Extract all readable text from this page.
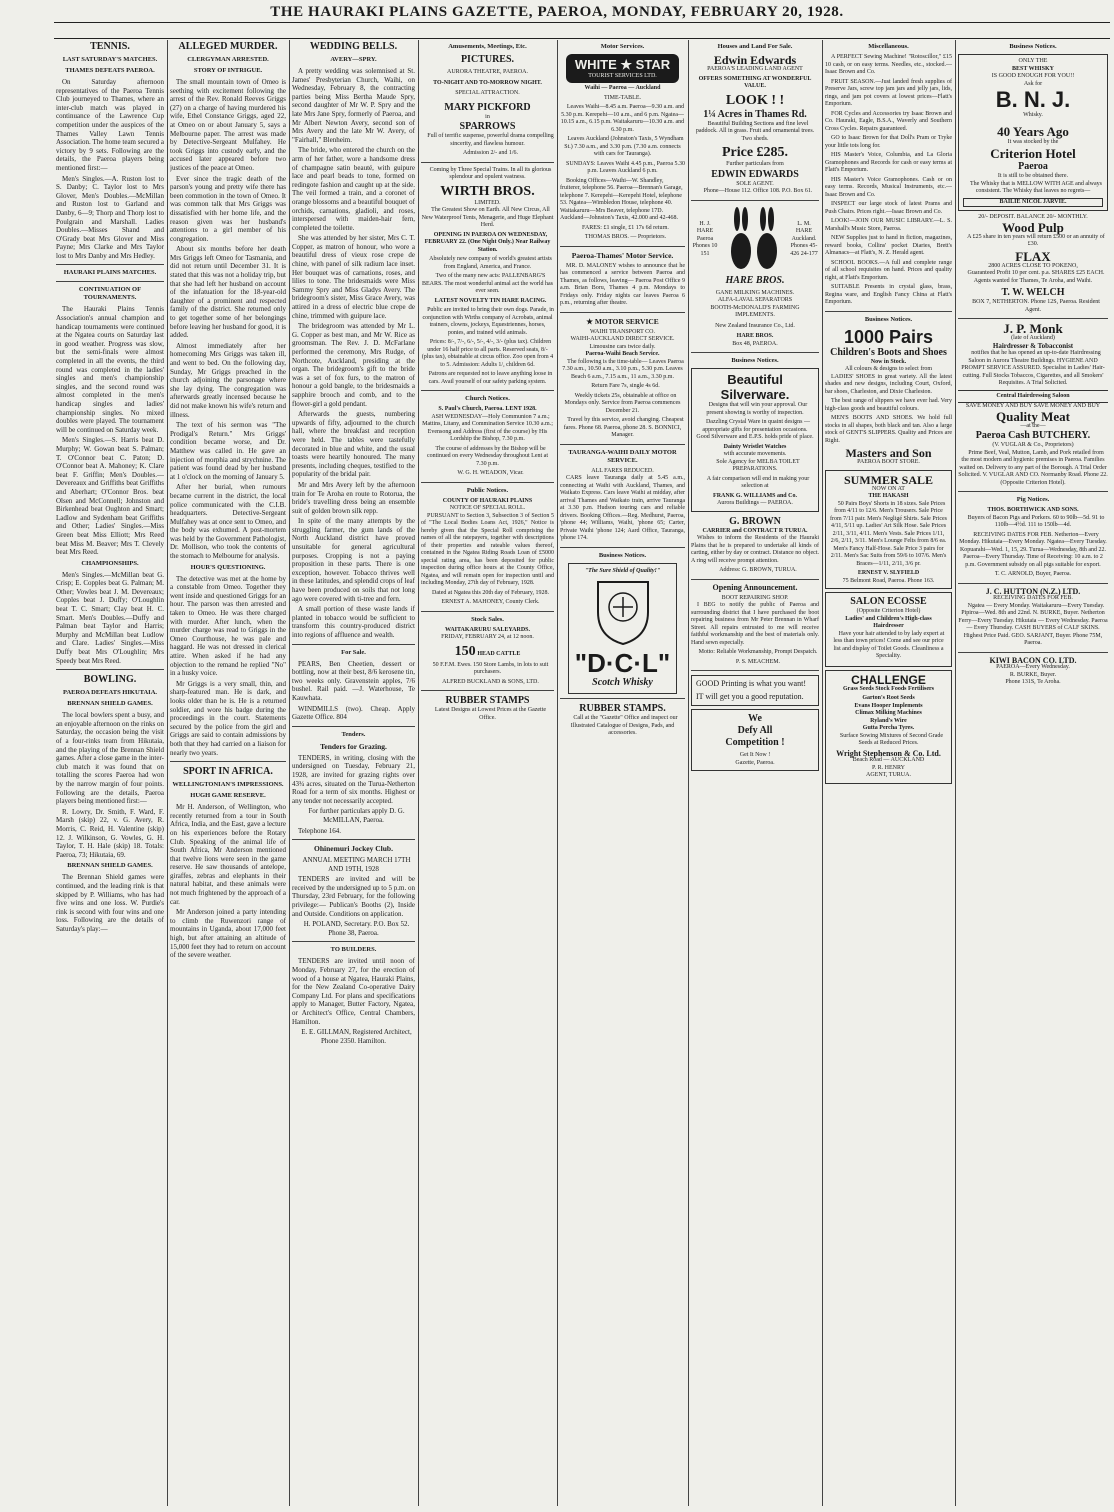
THE HAURAKI PLAINS GAZETTE, PAEROA, MONDAY, FEBRUARY 20, 1928.
TENNIS.
LAST SATURDAY'S MATCHES.
THAMES DEFEATS PAEROA.

On Saturday afternoon representatives of the Paeroa Tennis Club journeyed to Thames, where an inter-club match was played in continuance of the Lawrence Cup competition under the auspices of the Thames Valley Lawn Tennis Association. The home team secured a victory by 9 sets. Following are the details, the Paeroa players being mentioned first:—

Men's Singles.—A. Ruston lost to S. Danby; C. Taylor lost to Mrs Glover, Men's Doubles.—McMillan and Ruston lost to Garland and Danby, 6—9; Thorp and Thorp lost to Poulgrain and Marshall. Ladies Doubles.—Misses Shand and O'Grady beat Mrs Glover and Miss Payne; Mrs Clarke and Mrs Taylor lost to Mrs Danby and Mrs Hedley.

HAURAKI PLAINS MATCHES.
CONTINUATION OF TOURNAMENTS.

The Hauraki Plains Tennis Association's annual champion and handicap tournaments were continued at the Ngatea courts on Saturday last in good weather. Progress was slow, but the semi-finals were almost completed in all the events, the third round was completed in the ladies' singles and men's championship singles, and the second round was almost completed in the men's handicap singles and ladies' championship singles. No mixed doubles were played. The tournament will be continued on Saturday week.

Men's Singles.—S. Harris beat D. Murphy; W. Gowan beat S. Palman; T. O'Connor beat C. Paton; D. O'Connor beat A. Mahoney; K. Clare beat F. Griffin; Men's Doubles.—Devereaux and Griffiths beat Griffiths and Aberhart; O'Connor Bros. beat Olsen and McConnell; Johnston and Birkenhead beat Oughton and Smart; Ladlow and Sydenham beat Griffiths and Other; Ladies' Singles.—Miss Green beat Miss Elliott; Mrs Reed beat Miss M. Beaver; Mrs T. Clevely beat Mrs Reed.

CHAMPIONSHIPS.

Men's Singles.—McMillan beat G. Crisp; E. Copples beat G. Palman; M. Other; Vowles beat J. M. Devereaux; Copples beat J. Duffy; O'Loughlin beat T. C. Smart; Clay beat H. C. Smart. Men's Doubles.—Duffy and Palman beat Taylor and Harris; Murphy and McMillan beat Ludlow and Clare. Ladies' Singles.—Miss Duffy beat Mrs O'Loughlin; Mrs Speedy beat Mrs Reed.

BOWLING.
PAEROA DEFEATS HIKUTAIA.
BRENNAN SHIELD GAMES.

The local bowlers spent a busy, and an enjoyable afternoon on the rinks on Saturday, the occasion being the visit of a four-rinks team from Hikutaia, and the playing of the Brennan Shield games. After a close game in the inter-club match it was found that on totalling the scores Paeroa had won by the narrow margin of four points. Following are the details, Paeroa players being mentioned first:—

R. Lowry, Dr. Smith, F. Ward, F. Marsh (skip) 22, v. G. Avery, R. Morris, C. Reid, H. Valentine (skip) 12. J. Wilkinson, G. Vowles, G. H. Taylor, T. H. Hale (skip) 18. Totals: Paeroa, 73; Hikutaia, 69.

BRENNAN SHIELD GAMES.

The Brennan Shield games were continued, and the leading rink is that skipped by P. Williams, who has had five wins and one loss. W. Purdie's rink is second with four wins and one loss. Following are the details of Saturday's play:—

ALLEGED MURDER.
CLERGYMAN ARRESTED.
STORY OF INTRIGUE.

The small mountain town of Omeo is seething with excitement following the arrest of the Rev. Ronald Reeves Griggs (27) on a charge of having murdered his wife, Ethel Constance Griggs, aged 22, at Omeo on or about January 5, says a Melbourne paper. The arrest was made by Detective-Sergeant Mulfahey. He took Griggs into custody early, and the accused later appeared before two justices of the peace at Omeo.

Ever since the tragic death of the parson's young and pretty wife there has been commotion in the town of Omeo. It was common talk that Mrs Griggs was dissatisfied with her home life, and the reason given was her husband's attentions to a girl member of his congregation.

About six months before her death Mrs Griggs left Omeo for Tasmania, and did not return until December 31. It is stated that this was not a holiday trip, but that she had left her husband on account of the infatuation for the 18-year-old daughter of a prominent and respected family of the district. She returned only to get together some of her belongings before leaving her husband for good, it is added.

Almost immediately after her homecoming Mrs Griggs was taken ill, and went to bed. On the following day, Sunday, Mr Griggs preached in the church adjoining the parsonage where she lay dying. The congregation was afterwards greatly incensed because he did not make known his wife's return and illness.

The text of his sermon was "The Prodigal's Return." Mrs Griggs' condition became worse, and Dr. Matthew was called in. He gave an injection of morphia and strychnine. The patient was found dead by her husband at 1 o'clock on the morning of January 5.

After her burial, when rumours became current in the district, the local police communicated with the C.I.B. headquarters. Detective-Sergeant Mulfahey was at once sent to Omeo, and the body was exhumed. A post-mortem was held by the Government Pathologist, Dr. Mollison, who took the contents of the stomach to Melbourne for analysis.

HOUR'S QUESTIONING.

The detective was met at the home by a constable from Omeo. Together they went inside and questioned Griggs for an hour. The parson was then arrested and taken to Omeo. He was there charged with murder. After lunch, when the murder charge was read to Griggs in the Omeo Courthouse, he was pale and haggard. He was not dressed in clerical attire. When asked if he had any objection to the remand he replied "No" in a husky voice.

Mr Griggs is a very small, thin, and sharp-featured man. He is dark, and looks older than he is. He is a returned soldier, and wore his badge during the proceedings in the court. Statements secured by the police from the girl and Griggs are said to contain admissions by both that they had carried on a liaison for nearly two years.

SPORT IN AFRICA.
WELLINGTONIAN'S IMPRESSIONS.
HUGH GAME RESERVE.

Mr H. Anderson, of Wellington, who recently returned from a tour in South Africa, India, and the East, gave a lecture on his experiences before the Rotary Club. Speaking of the animal life of South Africa, Mr Anderson mentioned that twelve lions were seen in the game reserve. He saw thousands of antelope, giraffes, zebras and elephants in their natural habitat, and these animals were not much frightened by the approach of a car.

Mr Anderson joined a party intending to climb the Ruwenzori range of mountains in Uganda, about 17,000 feet high, but after attaining an altitude of 15,000 feet they had to return on account of the severe weather.

WEDDING BELLS.
AVERY—SPRY.

A pretty wedding was solemnised at St. James' Presbyterian Church, Waihi, on Wednesday, February 8, the contracting parties being Miss Bertha Maude Spry, second daughter of Mr W. P. Spry and the late Mrs Jane Spry, formerly of Paeroa, and Mr Albert Newton Avery, second son of Mrs Avery and the late Mr W. Avery, of "Fairhall," Blenheim.

The bride, who entered the church on the arm of her father, wore a handsome dress of champagne satin beauté, with guipure lace and pearl beads to tone, formed on redingote fashion and caught up at the side. The veil formed a train, and a coronet of orange blossoms and a beautiful bouquet of orchids, carnations, gladioli, and roses, interspersed with maiden-hair fern, completed the toilette.

She was attended by her sister, Mrs C. T. Copper, as matron of honour, who wore a beautiful dress of vieux rose crepe de chine, with panel of silk radium lace inset. Her bouquet was of carnations, roses, and lilies to tone. The bridesmaids were Miss Sammy Spry and Miss Gladys Avery. The bridegroom's sister, Miss Grace Avery, was attired in a dress of electric blue crepe de chine, trimmed with guipure lace.

The bridegroom was attended by Mr L. G. Copper as best man, and Mr W. Rice as groomsman. The Rev. J. D. McFarlane performed the ceremony, Mrs Rudge, of Northcote, Auckland, presiding at the organ. The bridegroom's gift to the bride was a set of fox furs, to the matron of honour a gold bangle, to the bridesmaids a sapphire brooch and comb, and to the flower-girl a gold pendant.

Afterwards the guests, numbering upwards of fifty, adjourned to the church hall, where the breakfast and reception were held. The tables were tastefully decorated in blue and white, and the usual toasts were heartily honoured. The many presents, including cheques, testified to the popularity of the bridal pair.

Mr and Mrs Avery left by the afternoon train for Te Aroha en route to Rotorua, the bride's travelling dress being an ensemble suit of golden brown silk repp.

In spite of the many attempts by the struggling farmer, the gum lands of the North Auckland district have proved unsuitable for general agricultural purposes. Cropping is not a paying proposition in these parts. There is one exception, however. Tobacco thrives well in these latitudes, and splendid crops of leaf have been produced on soils that not long ago were covered with ti-tree and fern.

A small portion of these waste lands if planted in tobacco would be sufficient to transform this country-produced district into regions of affluence and wealth.

For Sale.

PEARS, Ben Cheetien, dessert or bottling, now at their best, 8/6 kerosene tin, two weeks only. Gravenstein apples, 7/6 bushel. Rail paid. —J. Waterhouse, Te Kauwhata.

WINDMILLS (two). Cheap. Apply Gazette Office. 804

Tenders.
Tenders for Grazing.

TENDERS, in writing, closing with the undersigned on Tuesday, February 21, 1928, are invited for grazing rights over 43¾ acres, situated on the Turua-Netherton Road for a term of six months. Highest or any tender not necessarily accepted.

For further particulars apply D. G. McMILLAN, Paeroa.

Telephone 164.

Ohinemuri Jockey Club.

ANNUAL MEETING MARCH 17TH AND 19TH, 1928

TENDERS are invited and will be received by the undersigned up to 5 p.m. on Thursday, 23rd February, for the following privilege:— Publican's Booths (2), Inside and Outside. Conditions on application.

H. POLAND, Secretary. P.O. Box 52. Phone 38, Paeroa.

TO BUILDERS.

TENDERS are invited until noon of Monday, February 27, for the erection of wood of a house at Ngatea, Hauraki Plains, for the New Zealand Co-operative Dairy Company Ltd. For plans and specifications apply to Manager, Butter Factory, Ngatea, or Architect's Office, Central Chambers, Hamilton.

E. E. GILLMAN, Registered Architect, Phone 2350. Hamilton.

Amusements, Meetings, Etc.
PICTURES.
AURORA THEATRE, PAEROA.
TO-NIGHT AND TO-MORROW NIGHT.
SPECIAL ATTRACTION.
MARY PICKFORD
in
SPARROWS

Full of terrific suspense, powerful drama compelling sincerity, and flawless humour.

Admission 2/- and 1/6.

Coming by Three Special Trains. In all its glorious splendour and opulent vastness.

WIRTH BROS.
LIMITED.

The Greatest Show on Earth. All New Circus, All New Waterproof Tents, Menagerie, and Huge Elephant Herd.

OPENING IN PAEROA ON WEDNESDAY, FEBRUARY 22. (One Night Only.) Near Railway Station.

Absolutely new company of world's greatest artists from England, America, and France.

Two of the many new acts: PALLENBARG'S BEARS. The most wonderful animal act the world has ever seen.

LATEST NOVELTY TIN HARE RACING.

Public are invited to bring their own dogs. Parade, in conjunction with Wirths company of Acrobats, animal trainers, clowns, jockeys, Equestriennes, horses, ponies, and trained wild animals.

Prices: 8/-, 7/-, 6/-, 5/-, 4/-, 3/- (plus tax). Children under 16 half price to all parts. Reserved seats, 8/- (plus tax), obtainable at circus office. Zoo open from 4 to 5. Admission: Adults 1/, children 6d.

Patrons are requested not to leave anything loose in cars. Avail yourself of our safety parking system.

Church Notices.
S. Paul's Church, Paeroa. LENT 1928.

ASH WEDNESDAY—Holy Communion 7 a.m.; Mattins, Litany, and Commination Service 10.30 a.m.; Evensong and Address (first of the course) by His Lordship the Bishop, 7.30 p.m.

The course of addresses by the Bishop will be continued on every Wednesday throughout Lent at 7.30 p.m.

W. G. H. WEADON, Vicar.

Public Notices.
COUNTY OF HAURAKI PLAINS
NOTICE OF SPECIAL ROLL.

PURSUANT to Section 3, Subsection 3 of Section 5 of "The Local Bodies Loans Act, 1926," Notice is hereby given that the Special Roll comprising the names of all the ratepayers, together with descriptions of their properties and rateable values thereof, contained in the Ngatea Riding Roads Loan of £5000 special rating area, has been deposited for public inspection during office hours at the County Office, Ngatea, and will remain open for inspection until and including Monday, 27th day of February, 1928.

Dated at Ngatea this 20th day of February, 1928.

ERNEST A. MAHONEY, County Clerk.

Stock Sales.
WAITAKARURU SALEYARDS.
FRIDAY, FEBRUARY 24, at 12 noon.
150 HEAD CATTLE

50 F.F.M. Ewes. 150 Store Lambs, in lots to suit purchasers.

ALFRED BUCKLAND & SONS, LTD.

RUBBER STAMPS

Latest Designs at Lowest Prices at the Gazette Office.

Motor Services.
WHITE ★ STAR
TOURIST SERVICES LTD.
Waihi — Paeroa — Auckland
TIME-TABLE.

Leaves Waihi—8.45 a.m. Paeroa—9.30 a.m. and 5.30 p.m. Kerepehi—10 a.m., and 6 p.m. Ngatea—10.15 a.m., 6.15 p.m. Waitakaruru—10.30 a.m. and 6.30 p.m.

Leaves Auckland (Johnston's Taxis, 5 Wyndham St.) 7.30 a.m., and 3.30 p.m. (7.30 a.m. connects with cars for Tauranga).

SUNDAYS: Leaves Waihi 4.45 p.m., Paeroa 5.30 p.m. Leaves Auckland 6 p.m.

Booking Offices—Waihi—W. Shandley, fruiterer, telephone 56. Paeroa—Brennan's Garage, telephone 7. Kerepehi—Kerepehi Hotel, telephone 53. Ngatea—Wimbledon House, telephone 40. Waitakaruru—Mrs Beaver, telephone 17D. Auckland—Johnston's Taxis, 42.000 and 42-468.

FARES: £1 single, £1 17s 6d return.

THOMAS BROS. — Proprietors.

Paeroa-Thames' Motor Service.

MR. D. MALONEY wishes to announce that he has commenced a service between Paeroa and Thames, as follows, leaving— Paeroa Post Office 9 a.m. Brian Boru, Thames 4 p.m. Mondays to Fridays only. Friday nights car leaves Paeroa 6 p.m., returning after theatre.

★ MOTOR SERVICE
WAIHI TRANSPORT CO.
WAIHI-AUCKLAND DIRECT SERVICE.
Limousine cars twice daily.
Paeroa-Waihi Beach Service.

The following is the time-table— Leaves Paeroa 7.30 a.m., 10.50 a.m., 3.10 p.m., 5.30 p.m. Leaves Beach 6 a.m., 7.15 a.m., 11 a.m., 3.30 p.m.

Return Fare 7s, single 4s 6d.

Weekly tickets 25s, obtainable at office on Mondays only. Service from Paeroa commences December 21.

Travel by this service, avoid changing. Cheapest fares. Phone 68. Paeroa, phone 28. S. BONNICI, Manager.

TAURANGA-WAIHI DAILY MOTOR SERVICE.
ALL FARES REDUCED.

CARS leave Tauranga daily at 5.45 a.m., connecting at Waihi with Auckland, Thames, and Waikato Express. Cars leave Waihi at midday, after arrival Thames and Waikato train, arrive Tauranga at 3.30 p.m. Hudson touring cars and reliable drivers. Booking Offices.—Reg. Medhurst, Paeroa, 'phone 44; Williams, Waihi, 'phone 65; Carter, Private Waihi 'phone 124; Aard Office, Tauranga, 'phone 174.

Business Notices.
"The Sure Shield of Quality!"
"D·C·L"
Scotch Whisky
RUBBER STAMPS.

Call at the "Gazette" Office and inspect our Illustrated Catalogue of Designs, Pads, and accessories.

Houses and Land For Sale.
Edwin Edwards
PAEROA'S LEADING LAND AGENT
OFFERS SOMETHING AT WONDERFUL VALUE.
LOOK ! !
1¼ Acres in Thames Rd.

Beautiful Building Sections and fine level paddock. All in grass. Fruit and ornamental trees. Two sheds.

Price £285.
Further particulars from
EDWIN EDWARDS
SOLE AGENT.

Phone—House 112. Office 108. P.O. Box 61.

H. J. HARE Paeroa Phones 10 151
L. M. HARE Auckland. Phones 45-426 24-177
HARE BROS.
GANE MILKING MACHINES.
ALFA-LAVAL SEPARATORS
BOOTH-McDONALD'S FARMING IMPLEMENTS.
New Zealand Insurance Co., Ltd.
HARE BROS.
Box 48, PAEROA.
Business Notices.
Beautiful Silverware.

Designs that will win your approval. Our present showing is worthy of inspection.

Dazzling Crystal Ware in quaint designs — appropriate gifts for presentation occasions. Good Silverware and E.P.S. holds pride of place.

Dainty Wristlet Watches
with accurate movements.

Sole Agency for MELBA TOILET PREPARATIONS.

A fair comparison will end in making your selection at

FRANK G. WILLIAMS and Co.
Aurora Buildings — PAEROA.
G. BROWN
CARRIER and CONTRACT R TURUA.

Wishes to inform the Residents of the Hauraki Plains that he is prepared to undertake all kinds of carting, either by day or contract. Distance no object. A ring will receive prompt attention.

Address: G. BROWN, TURUA.

Opening Announcement.
BOOT REPAIRING SHOP.

I BEG to notify the public of Paeroa and surrounding district that I have purchased the boot repairing business from Mr Peter Brennan in Wharf Street. All repairs entrusted to me will receive faithful workmanship and the best of materials only. Hand sewn especially.

Motto: Reliable Workmanship, Prompt Despatch.

P. S. MEACHEM.

GOOD Printing is what you want!
IT will get you a good reputation.
We
Defy All
Competition !
Get It Now !
Gazette, Paeroa.
Miscellaneous.

A PERFECT Sewing Machine! "Rotoscillor," £15 10 cash, or on easy terms. Needles, etc., stocked.—Isaac Brown and Co.

FRUIT SEASON.—Just landed fresh supplies of Preserve Jars, screw top jam jars and jelly jars, lids, rings, and jam pot covers at lowest prices—Flatt's Emporium.

FOR Cycles and Accessories try Isaac Brown and Co. Hauraki, Eagle, B.S.A., Waverly and Southern Cross Cycles. Repairs guaranteed.

GO to Isaac Brown for that Doll's Pram or Tryke your little tots long for.

HIS Master's Voice, Columbia, and La Gloria Gramophones and Records for cash or easy terms at Flatt's Emporium.

HIS Master's Voice Gramophones. Cash or on easy terms. Records, Musical Instruments, etc.—Isaac Brown and Co.

INSPECT our large stock of latest Prams and Push Chairs. Prices right.—Isaac Brown and Co.

LOOK!—JOIN OUR MUSIC LIBRARY.—L. S. Marshall's Music Store, Paeroa.

NEW Supplies just to hand in fiction, magazines, reward books, Collins' pocket Diaries, Brett's Almanacs—at Flatt's, N. Z. Herald agent.

SCHOOL BOOKS.—A full and complete range of all school requisites on hand. Prices and quality right, at Flatt's Emporium.

SUITABLE Presents in crystal glass, brass, Regina ware, and English Fancy China at Flatt's Emporium.

Business Notices.
1000 Pairs
Children's Boots and Shoes
Now in Stock.
All colours & designs to select from

LADIES' SHOES in great variety. All the latest shades and new designs, including Court, Oxford, bar shoes, Charleston, and Dixie Charleston.

The best range of slippers we have ever had. Very high-class goods and beautiful colours.

MEN'S BOOTS AND SHOES. We hold full stocks in all shapes, both black and tan. Also a large stock of GENT'S SLIPPERS. Quality and Prices are Right.

Masters and Son
PAEROA BOOT STORE.
SUMMER SALE
NOW ON AT
THE HAKASH

50 Pairs Boys' Shorts in 18 sizes. Sale Prices from 4/11 to 12/6. Men's Trousers. Sale Price from 7/11 pair. Men's Negligé Shirts. Sale Prices 4/11, 5/11 up. Ladies' Art Silk Hose. Sale Prices 2/11, 3/11, 4/11. Men's Vests. Sale Prices 1/11, 2/6, 2/11, 3/11. Men's Lounge Felts from 8/6 ea. Men's Fancy Half-Hose. Sale Price 3 pairs for 2/11. Men's Sac Suits from 59/6 to 107/6. Men's Braces—1/11, 2/11, 3/6 pr.

ERNEST V. SLYFIELD
75 Belmont Road, Paeroa. Phone 163.
SALON ECOSSE
(Opposite Criterion Hotel)
Ladies' and Children's High-class Hairdresser

Have your hair attended to by lady expert at less than town prices! Come and see our price list and display of Toilet Goods. Cleanliness a Speciality.

CHALLENGE
Grass Seeds Stock Foods Fertilisers
Garton's Root Seeds
Evans Hooper Implements
Climax Milking Machines
Ryland's Wire
Gutta Percha Tyres.

Surface Sowing Mixtures of Second Grade Seeds at Reduced Prices.

Wright Stephenson & Co. Ltd.
Beach Road — AUCKLAND
P. R. HENRY
AGENT, TURUA.
Business Notices.
ONLY THE
BEST WHISKY
IS GOOD ENOUGH FOR YOU!!
Ask for
B. N. J.
Whisky.
40 Years Ago
It was stocked by the
Criterion Hotel
Paeroa
It is still to be obtained there.

The Whisky that is MELLOW WITH AGE and always consistent. The Whisky that leaves no regrets—

BAILIE NICOL JARVIE.
20/- DEPOSIT. BALANCE 20/- MONTHLY.
Wood Pulp

A £25 share in ten years will return £500 or an annuity of £30.

FLAX
2800 ACRES CLOSE TO POKENO,

Guaranteed Profit 10 per cent. p.a. SHARES £25 EACH. Agents wanted for Thames, Te Aroha, and Waihi.

T. W. WELCH

BOX 7, NETHERTON. Phone 12S, Paeroa. Resident Agent.

J. P. Monk
(late of Auckland)
Hairdresser & Tobacconist

notifies that he has opened an up-to-date Hairdressing Saloon in Aurora Theatre Buildings. HYGIENE AND PROMPT SERVICE ASSURED. Specialist in Ladies' Hair-cutting. Full Stocks Tobaccos, Cigarettes, and all Smokers' Requisites. A Trial Solicited.

Central Hairdressing Saloon
SAVE MONEY AND BUY SAVE MONEY AND BUY
Quality Meat
—at the—
Paeroa Cash BUTCHERY.
(V. VUGLAR & Co., Proprietors)

Prime Beef, Veal, Mutton, Lamb, and Pork retailed from the most modern and hygienic premises in Paeroa. Families waited on. Delivery to any part of the Borough. A Trial Order Solicited. V. VUGLAR AND CO. Normanby Road. Phone 22. (Opposite Criterion Hotel).

Pig Notices.
THOS. BORTHWICK AND SONS.

Buyers of Bacon Pigs and Porkers. 60 to 90lb—5d. 91 to 110lb—4½d. 111 to 150lb—4d.

RECEIVING DATES FOR FEB. Netherton—Every Monday. Hikutaia—Every Monday. Ngatea—Every Tuesday. Kopuarahi—Wed. 1, 15, 29. Turua—Wednesday, 8th and 22. Paeroa—Every Thursday. Time of Receiving: 10 a.m. to 2 p.m. Government subsidy on all pigs suitable for export.

T. C. ARNOLD, Buyer, Paeroa.
J. C. HUTTON (N.Z.) LTD.
RECEIVING DATES FOR FEB.

Ngatea — Every Monday. Waitakaruru—Every Tuesday. Pipiroa—Wed. 8th and 22nd. N. BURKE, Buyer. Netherton Ferry—Every Tuesday. Hikutaia — Every Wednesday. Paeroa— Every Thursday. CASH BUYERS of CALF SKINS. Highest Price Paid. GEO. SARJANT, Buyer. Phone 75M, Paeroa.

KIWI BACON CO. LTD.
PAEROA—Every Wednesday.
R. BURKE, Buyer.
Phone 131S, Te Aroha.
